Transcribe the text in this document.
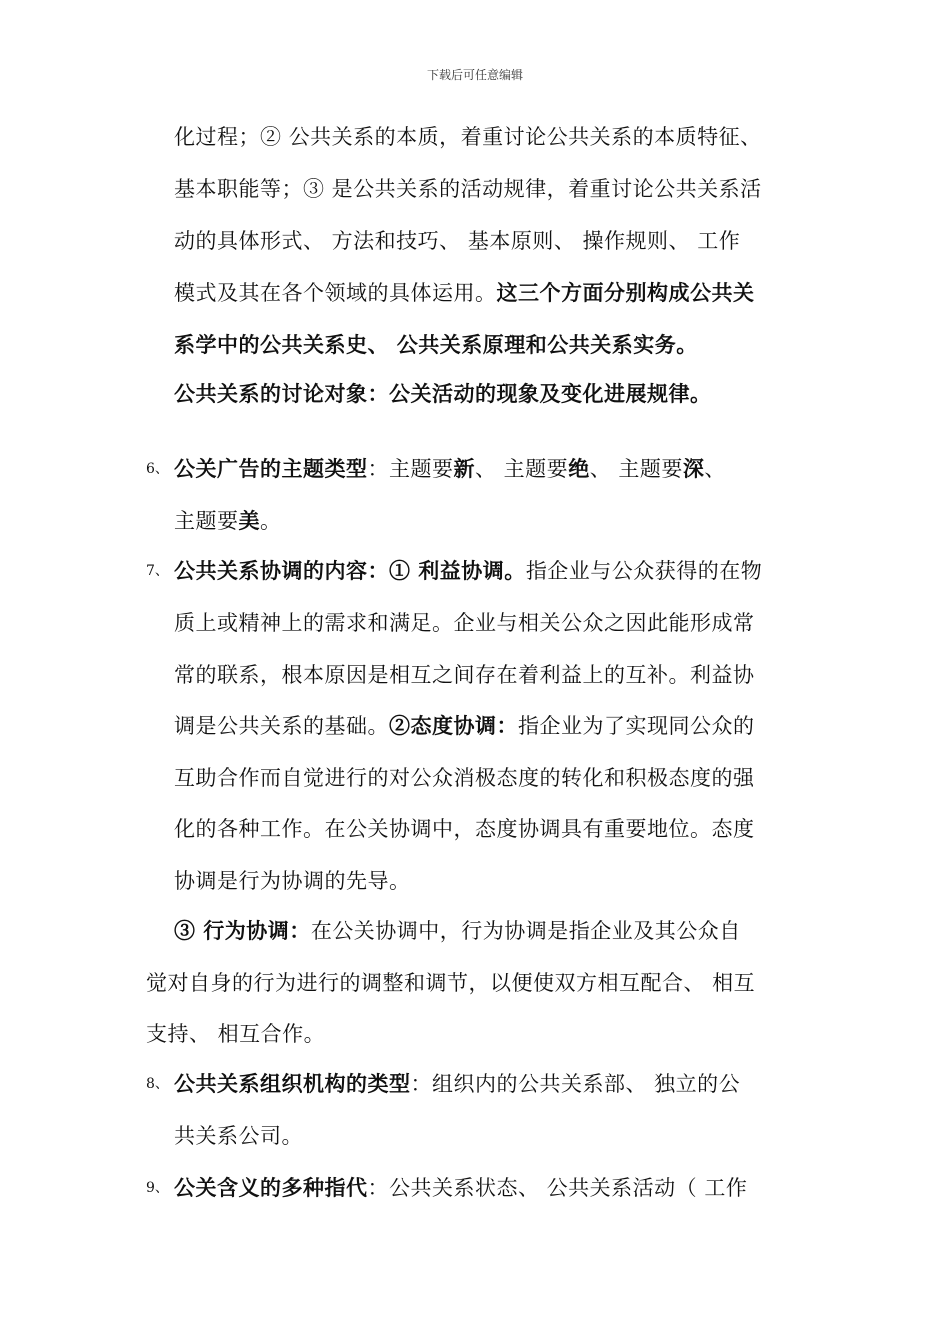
下载后可任意编辑
化过程；② 公共关系的本质，着重讨论公共关系的本质特征、
基本职能等；③ 是公共关系的活动规律，着重讨论公共关系活
动的具体形式、 方法和技巧、 基本原则、 操作规则、 工作
模式及其在各个领域的具体运用。这三个方面分别构成公共关
系学中的公共关系史、 公共关系原理和公共关系实务。
公共关系的讨论对象：公关活动的现象及变化进展规律。
6、 公关广告的主题类型：主题要新、 主题要绝、 主题要深、
主题要美。
7、 公共关系协调的内容：① 利益协调。指企业与公众获得的在物
质上或精神上的需求和满足。企业与相关公众之因此能形成常
常的联系，根本原因是相互之间存在着利益上的互补。利益协
调是公共关系的基础。②态度协调：指企业为了实现同公众的
互助合作而自觉进行的对公众消极态度的转化和积极态度的强
化的各种工作。在公关协调中，态度协调具有重要地位。态度
协调是行为协调的先导。
③ 行为协调：在公关协调中，行为协调是指企业及其公众自
觉对自身的行为进行的调整和调节，以便使双方相互配合、 相互
支持、 相互合作。
8、 公共关系组织机构的类型：组织内的公共关系部、 独立的公
共关系公司。
9、 公关含义的多种指代：公共关系状态、 公共关系活动（ 工作
